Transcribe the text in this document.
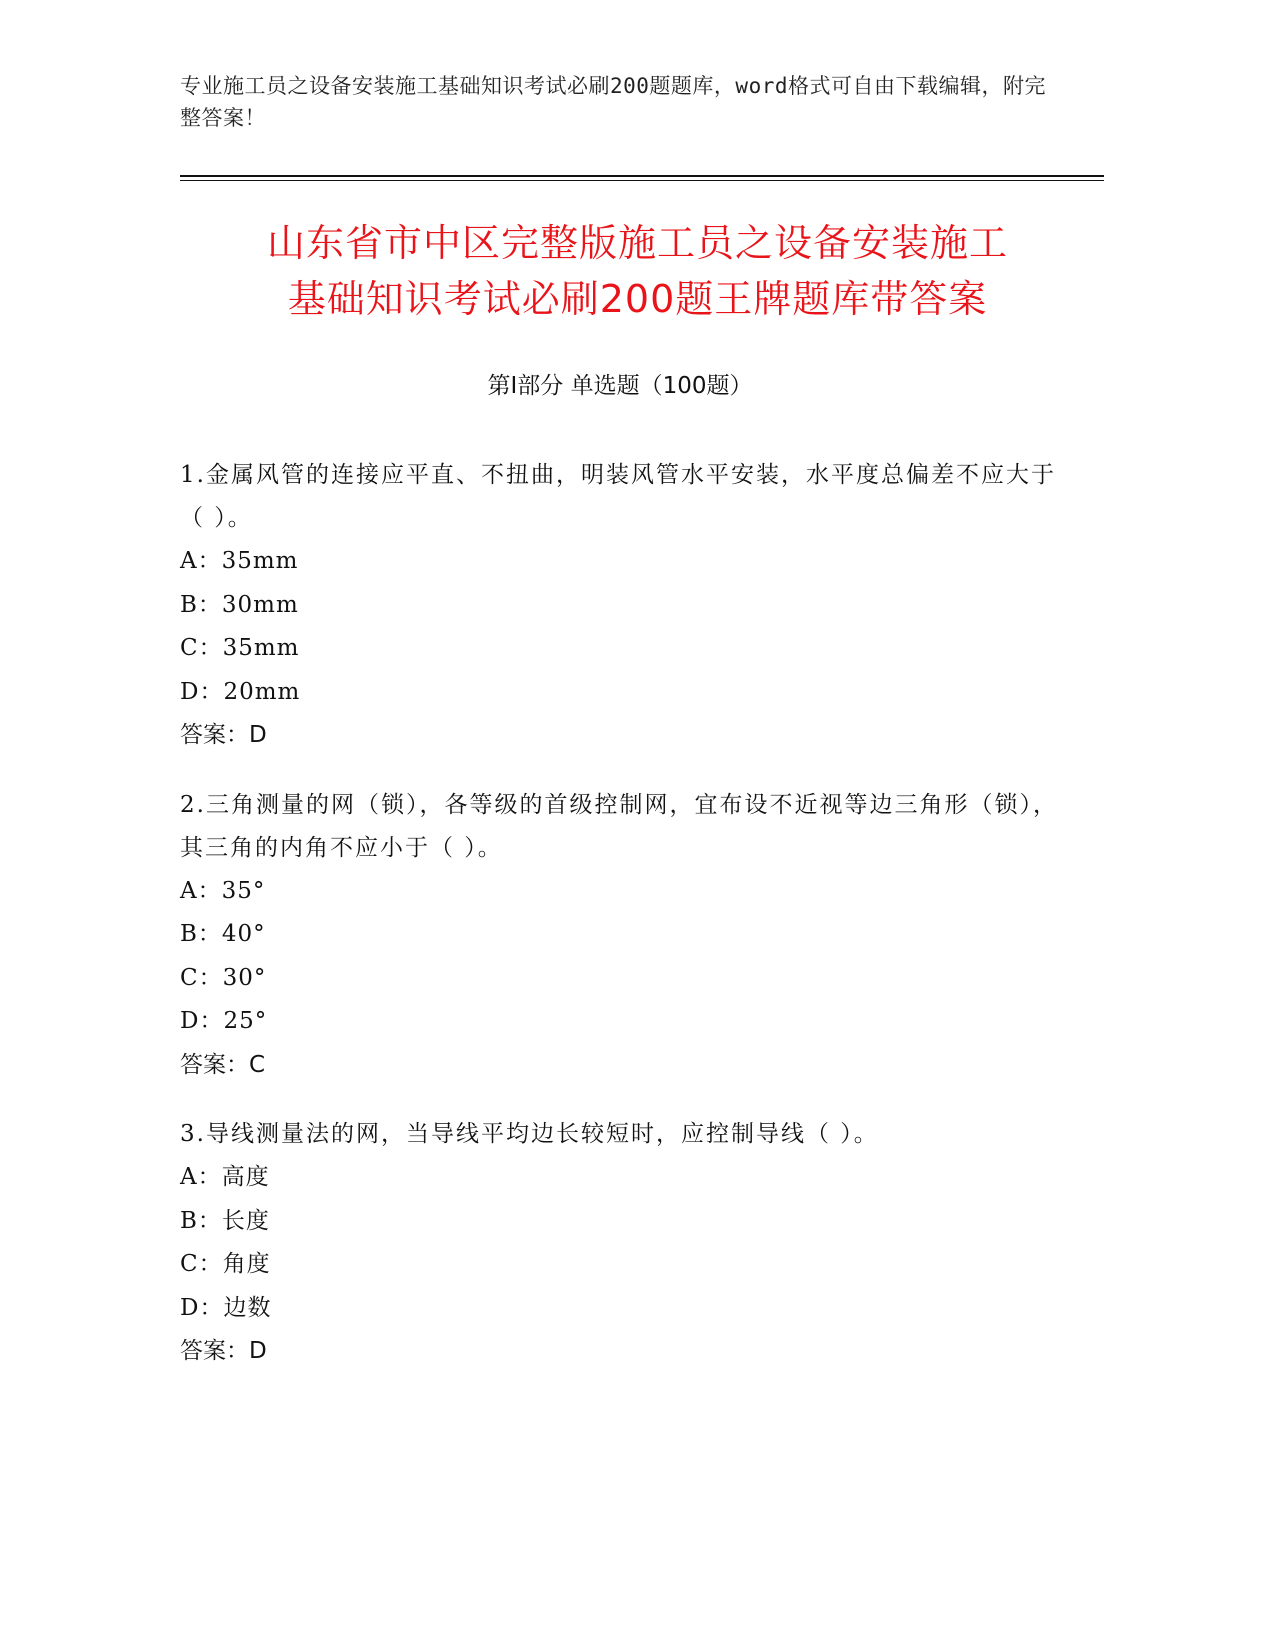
专业施工员之设备安装施工基础知识考试必刷200题题库，word格式可自由下载编辑，附完整答案！
山东省市中区完整版施工员之设备安装施工
基础知识考试必刷200题王牌题库带答案
第Ⅰ部分 单选题（100题）
1.金属风管的连接应平直、不扭曲，明装风管水平安装，水平度总偏差不应大于（ ）。
A：35mm
B：30mm
C：35mm
D：20mm
答案：D
2.三角测量的网（锁），各等级的首级控制网，宜布设不近视等边三角形（锁），其三角的内角不应小于（ ）。
A：35°
B：40°
C：30°
D：25°
答案：C
3.导线测量法的网，当导线平均边长较短时，应控制导线（ ）。
A：高度
B：长度
C：角度
D：边数
答案：D
